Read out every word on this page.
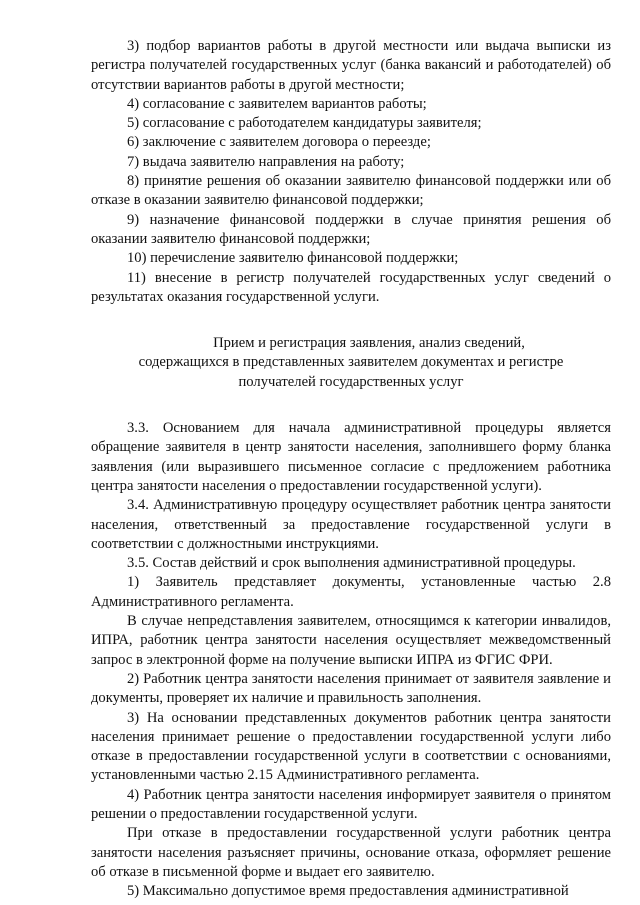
3) подбор вариантов работы в другой местности или выдача выписки из регистра получателей государственных услуг (банка вакансий и работодателей) об отсутствии вариантов работы в другой местности;

4) согласование с заявителем вариантов работы;

5) согласование с работодателем кандидатуры заявителя;

6) заключение с заявителем договора о переезде;

7) выдача заявителю направления на работу;

8) принятие решения об оказании заявителю финансовой поддержки или об отказе в оказании заявителю финансовой поддержки;

9) назначение финансовой поддержки в случае принятия решения об оказании заявителю финансовой поддержки;

10) перечисление заявителю финансовой поддержки;

11) внесение в регистр получателей государственных услуг сведений о результатах оказания государственной услуги.

Прием и регистрация заявления, анализ сведений,
содержащихся в представленных заявителем документах и регистре
получателей государственных услуг

3.3. Основанием для начала административной процедуры является обращение заявителя в центр занятости населения, заполнившего форму бланка заявления (или выразившего письменное согласие с предложением работника центра занятости населения о предоставлении государственной услуги).

3.4. Административную процедуру осуществляет работник центра занятости населения, ответственный за предоставление государственной услуги в соответствии с должностными инструкциями.

3.5. Состав действий и срок выполнения административной процедуры.

1) Заявитель представляет документы, установленные частью 2.8 Административного регламента.

В случае непредставления заявителем, относящимся к категории инвалидов, ИПРА, работник центра занятости населения осуществляет межведомственный запрос в электронной форме на получение выписки ИПРА из ФГИС ФРИ.

2) Работник центра занятости населения принимает от заявителя заявление и документы, проверяет их наличие и правильность заполнения.

3) На основании представленных документов работник центра занятости населения принимает решение о предоставлении государственной услуги либо отказе в предоставлении государственной услуги в соответствии с основаниями, установленными частью 2.15 Административного регламента.

4) Работник центра занятости населения информирует заявителя о принятом решении о предоставлении государственной услуги.

При отказе в предоставлении государственной услуги работник центра занятости населения разъясняет причины, основание отказа, оформляет решение об отказе в письменной форме и выдает его заявителю.

5) Максимально допустимое время предоставления административной
